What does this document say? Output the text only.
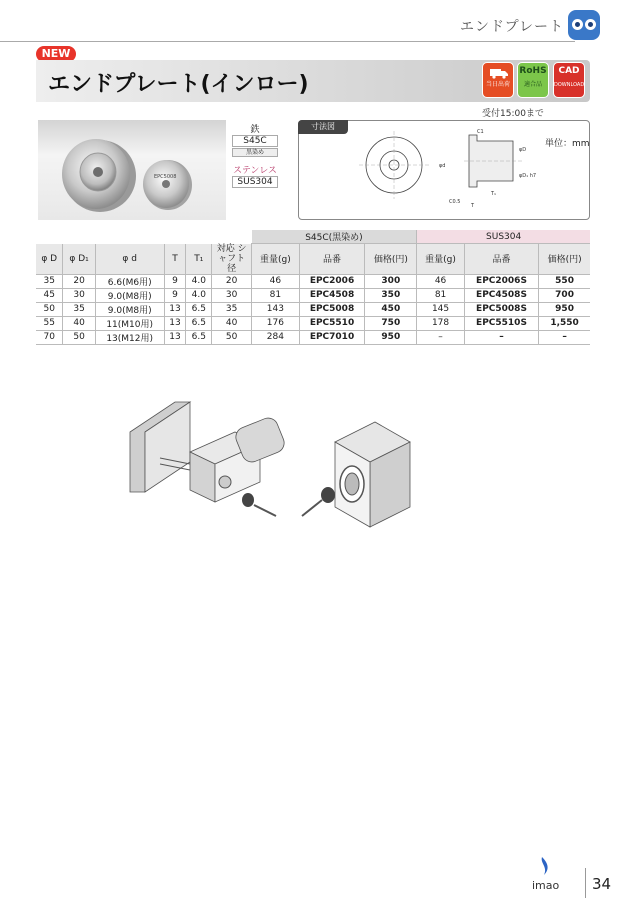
エンドプレート
NEW
エンドプレート(インロー)	当日出荷
RoHS
適合品
CAD
DOWNLOAD
受付15:00まで
EPC5008
鉄
S45C
黒染め
ステンレス
SUS304
C1
φd
φD
φD₁ h7
T
T₁
C0.5
寸法図
単位：mm
						S45C(黒染め)			SUS304		
φ D	φ D₁	φ d	T	T₁	対応 シャフト径	重量(g)	品番	価格(円)	重量(g)	品番	価格(円)
35	20	6.6(M6用)	9	4.0	20	46	EPC2006	300	46	EPC2006S	550
45	30	9.0(M8用)	9	4.0	30	81	EPC4508	350	81	EPC4508S	700
50	35	9.0(M8用)	13	6.5	35	143	EPC5008	450	145	EPC5008S	950
55	40	11(M10用)	13	6.5	40	176	EPC5510	750	178	EPC5510S	1,550
70	50	13(M12用)	13	6.5	50	284	EPC7010	950	–	–	–
imao 34
